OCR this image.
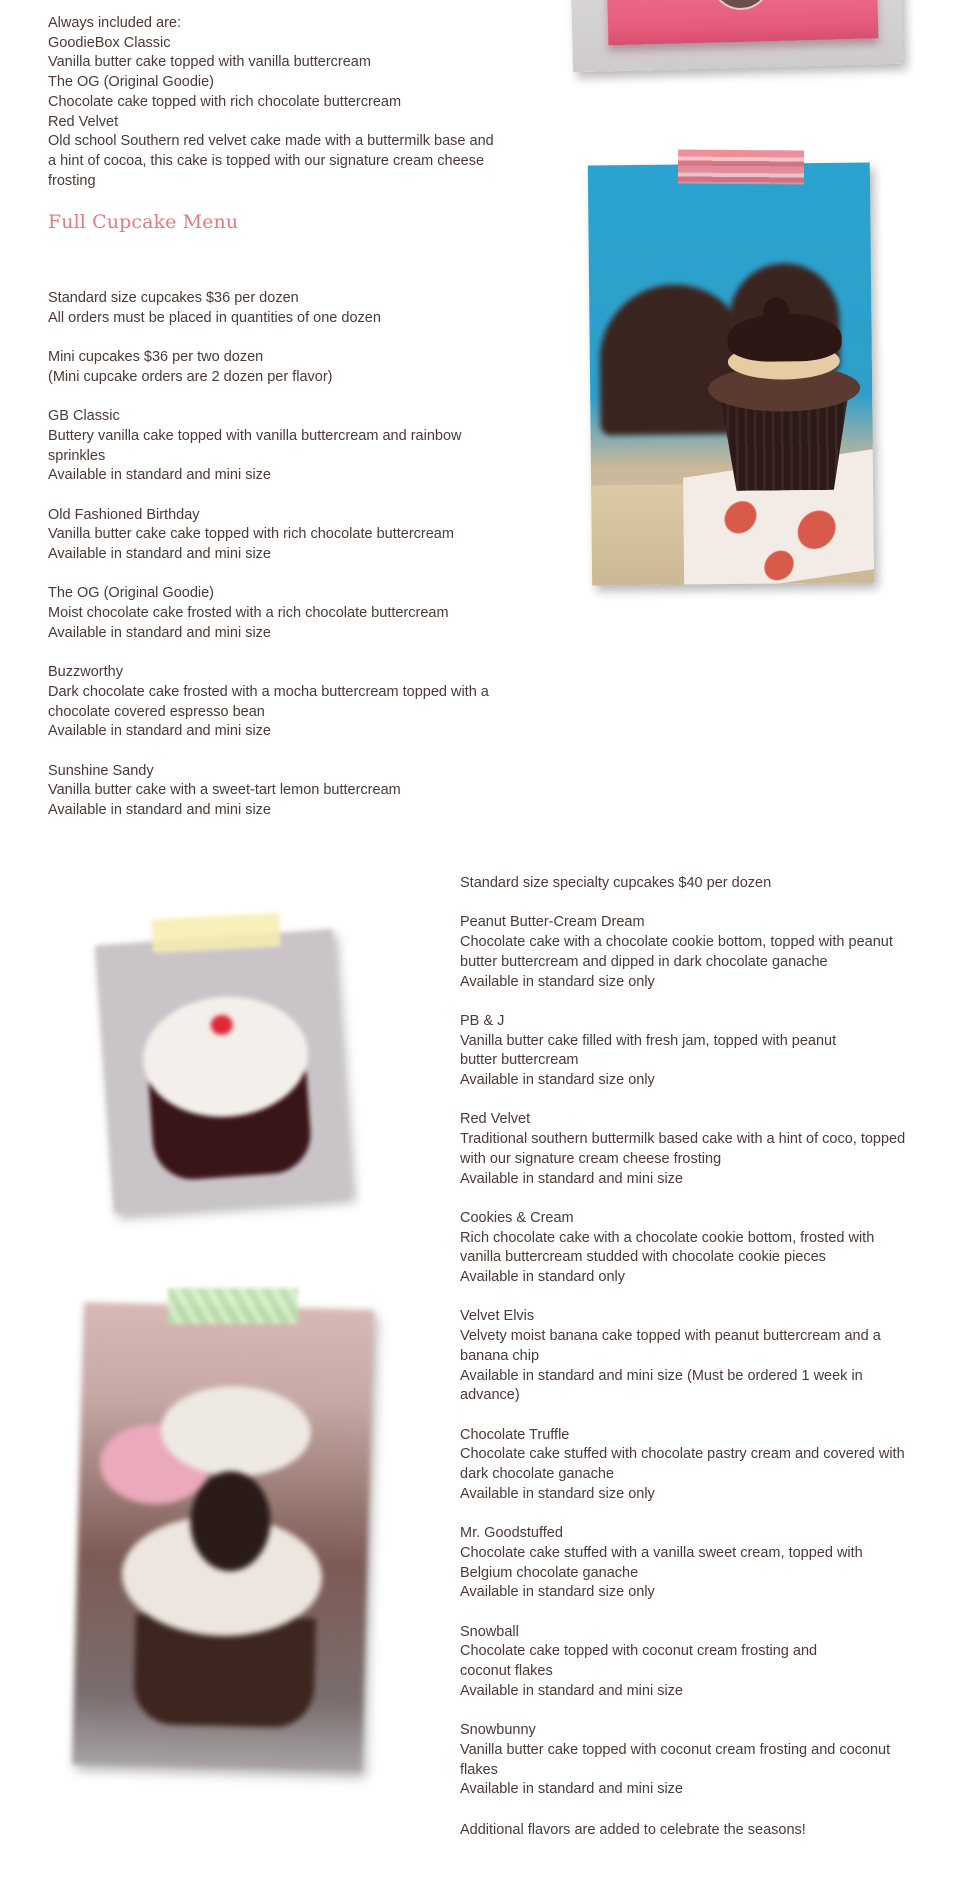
Always included are:
GoodieBox Classic
Vanilla butter cake topped with vanilla buttercream
The OG (Original Goodie)
Chocolate cake topped with rich chocolate buttercream
Red Velvet
Old school Southern red velvet cake made with a buttermilk base and
a hint of cocoa, this cake is topped with our signature cream cheese
frosting
Full Cupcake Menu
Standard size cupcakes $36 per dozen
All orders must be placed in quantities of one dozen
Mini cupcakes $36 per two dozen
(Mini cupcake orders are 2 dozen per flavor)
GB Classic
Buttery vanilla cake topped with vanilla buttercream and rainbow
sprinkles
Available in standard and mini size
Old Fashioned Birthday
Vanilla butter cake cake topped with rich chocolate buttercream
Available in standard and mini size
The OG (Original Goodie)
Moist chocolate cake frosted with a rich chocolate buttercream
Available in standard and mini size
Buzzworthy
Dark chocolate cake frosted with a mocha buttercream topped with a
chocolate covered espresso bean
Available in standard and mini size
Sunshine Sandy
Vanilla butter cake with a sweet-tart lemon buttercream
Available in standard and mini size
Standard size specialty cupcakes $40 per dozen
Peanut Butter-Cream Dream
Chocolate cake with a chocolate cookie bottom, topped with peanut
butter buttercream and dipped in dark chocolate ganache
Available in standard size only
PB & J
Vanilla butter cake filled with fresh jam, topped with peanut
butter buttercream
Available in standard size only
Red Velvet
Traditional southern buttermilk based cake with a hint of coco, topped
with our signature cream cheese frosting
Available in standard and mini size
Cookies & Cream
Rich chocolate cake with a chocolate cookie bottom, frosted with
vanilla buttercream studded with chocolate cookie pieces
Available in standard only
Velvet Elvis
Velvety moist banana cake topped with peanut buttercream and a
banana chip
Available in standard and mini size (Must be ordered 1 week in
advance)
Chocolate Truffle
Chocolate cake stuffed with chocolate pastry cream and covered with
dark chocolate ganache
Available in standard size only
Mr. Goodstuffed
Chocolate cake stuffed with a vanilla sweet cream, topped with
Belgium chocolate ganache
Available in standard size only
Snowball
Chocolate cake topped with coconut cream frosting and
coconut flakes
Available in standard and mini size
Snowbunny
Vanilla butter cake topped with coconut cream frosting and coconut
flakes
Available in standard and mini size
Additional flavors are added to celebrate the seasons!
